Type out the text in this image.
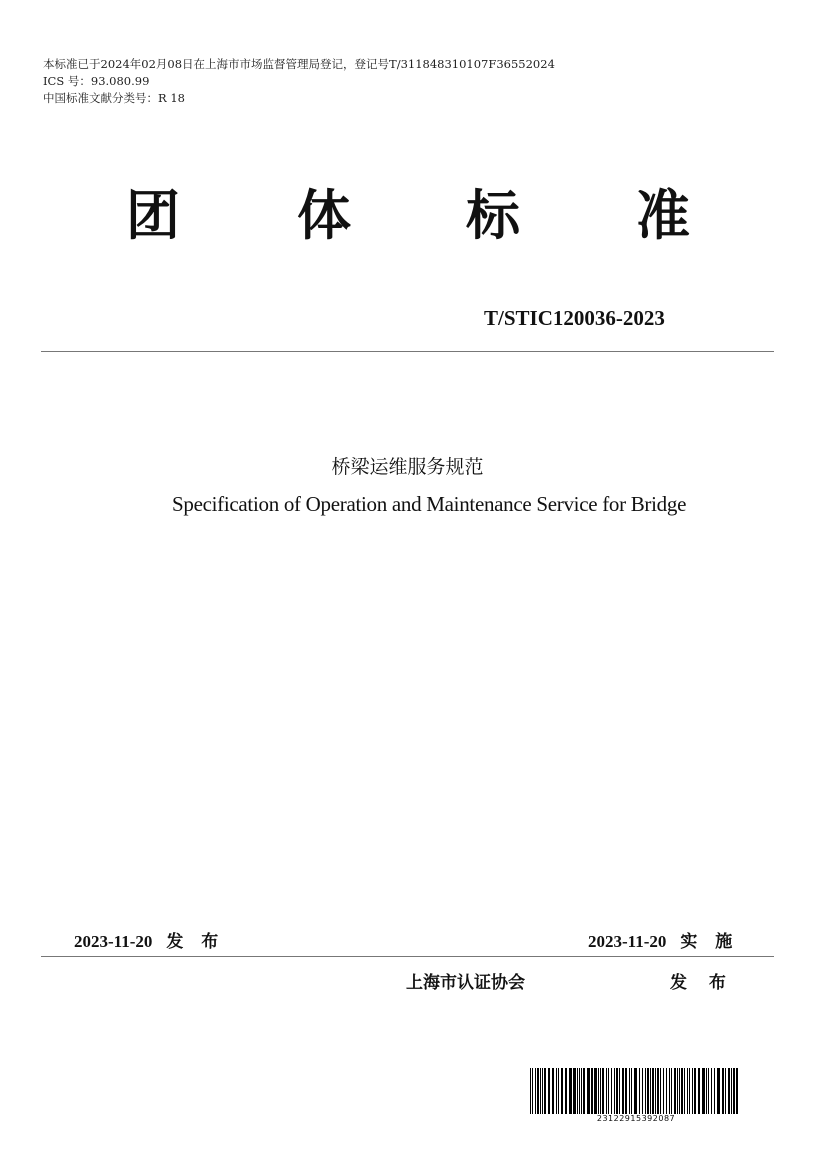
本标准已于2024年02月08日在上海市市场监督管理局登记，登记号T/311848310107F36552024
ICS 号：93.080.99
中国标准文献分类号：R 18
团 体 标 准
T/STIC120036-2023
桥梁运维服务规范
Specification of Operation and Maintenance Service for Bridge
2023-11-20 发 布	2023-11-20 实 施
上海市认证协会	发 布
23122915392087
